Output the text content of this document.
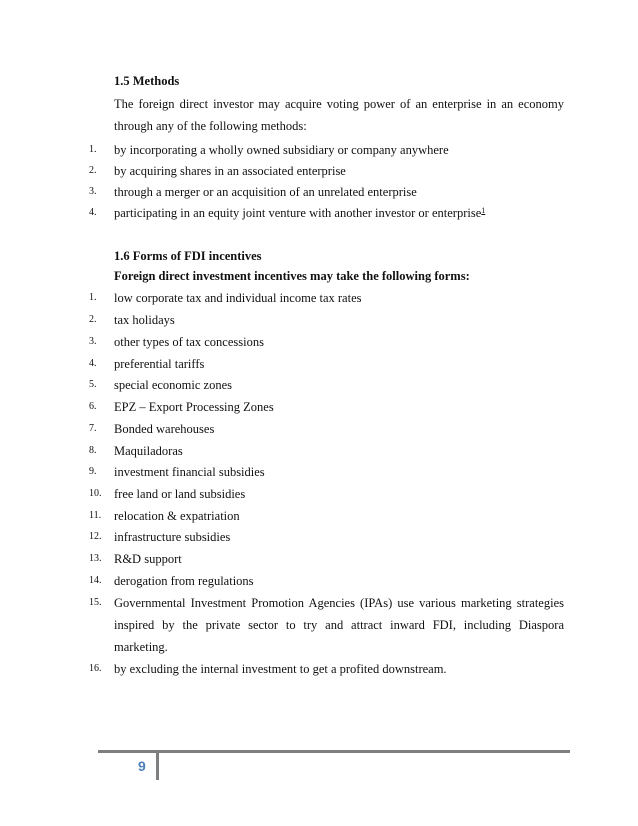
1.5 Methods
The foreign direct investor may acquire voting power of an enterprise in an economy through any of the following methods:
1.	by incorporating a wholly owned subsidiary or company anywhere
2.	by acquiring shares in an associated enterprise
3.	through a merger or an acquisition of an unrelated enterprise
4.	participating in an equity joint venture with another investor or enterprise$^1$
1.6 Forms of FDI incentives
Foreign direct investment incentives may take the following forms:
1.	low corporate tax and individual income tax rates
2.	tax holidays
3.	other types of tax concessions
4.	preferential tariffs
5.	special economic zones
6.	EPZ – Export Processing Zones
7.	Bonded warehouses
8.	Maquiladoras
9.	investment financial subsidies
10.	free land or land subsidies
11.	relocation & expatriation
12.	infrastructure subsidies
13.	R&D support
14.	derogation from regulations
15.	Governmental Investment Promotion Agencies (IPAs) use various marketing strategies inspired by the private sector to try and attract inward FDI, including Diaspora marketing.
16.	by excluding the internal investment to get a profited downstream.
9
